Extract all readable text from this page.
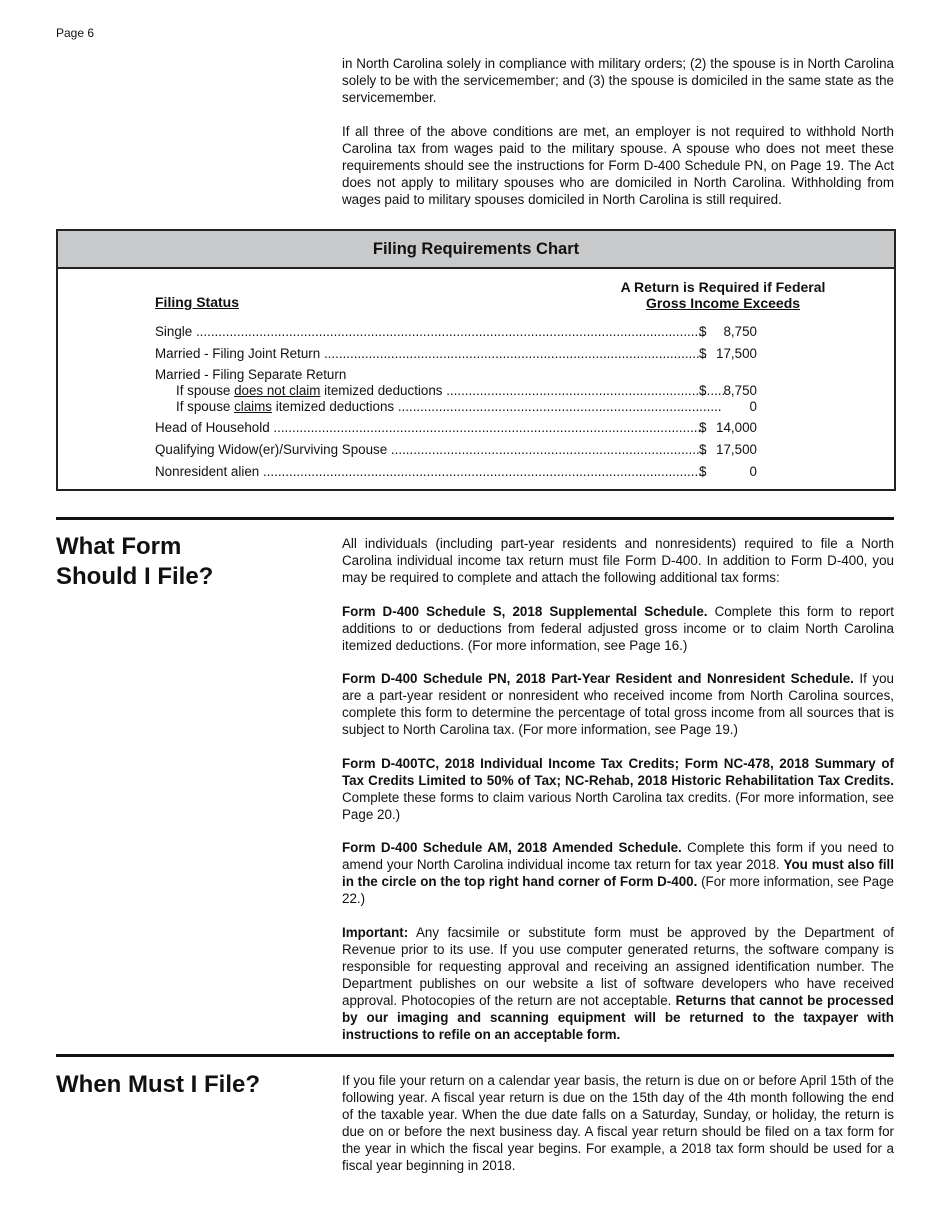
Page 6

in North Carolina solely in compliance with military orders; (2) the spouse is in North Carolina solely to be with the servicemember; and (3) the spouse is domiciled in the same state as the servicemember.

If all three of the above conditions are met, an employer is not required to withhold North Carolina tax from wages paid to the military spouse. A spouse who does not meet these requirements should see the instructions for Form D-400 Schedule PN, on Page 19. The Act does not apply to military spouses who are domiciled in North Carolina. Withholding from wages paid to military spouses domiciled in North Carolina is still required.

Filing Requirements Chart
Filing Status
A Return is Required if Federal
Gross Income Exceeds
Single .....	$	8,750
Married - Filing Joint Return .....	$ 17,500
Married - Filing Separate Return
If spouse does not claim itemized deductions .....	$	8,750
If spouse claims itemized deductions .....	0
Head of Household .....	$ 14,000
Qualifying Widow(er)/Surviving Spouse .....	$ 17,500
Nonresident alien .....	$	0
What Form
Should I File?

All individuals (including part-year residents and nonresidents) required to file a North Carolina individual income tax return must file Form D-400. In addition to Form D-400, you may be required to complete and attach the following additional tax forms:

Form D-400 Schedule S, 2018 Supplemental Schedule. Complete this form to report additions to or deductions from federal adjusted gross income or to claim North Carolina itemized deductions. (For more information, see Page 16.)

Form D-400 Schedule PN, 2018 Part-Year Resident and Nonresident Schedule. If you are a part-year resident or nonresident who received income from North Carolina sources, complete this form to determine the percentage of total gross income from all sources that is subject to North Carolina tax. (For more information, see Page 19.)

Form D-400TC, 2018 Individual Income Tax Credits; Form NC-478, 2018 Summary of Tax Credits Limited to 50% of Tax; NC-Rehab, 2018 Historic Rehabilitation Tax Credits. Complete these forms to claim various North Carolina tax credits. (For more information, see Page 20.)

Form D-400 Schedule AM, 2018 Amended Schedule. Complete this form if you need to amend your North Carolina individual income tax return for tax year 2018. You must also fill in the circle on the top right hand corner of Form D-400. (For more information, see Page 22.)

Important: Any facsimile or substitute form must be approved by the Department of Revenue prior to its use. If you use computer generated returns, the software company is responsible for requesting approval and receiving an assigned identification number. The Department publishes on our website a list of software developers who have received approval. Photocopies of the return are not acceptable. Returns that cannot be processed by our imaging and scanning equipment will be returned to the taxpayer with instructions to refile on an acceptable form.

When Must I File?	If you file your return on a calendar year basis, the return is due on or before April 15th of the following year. A fiscal year return is due on the 15th day of the 4th month following the end of the taxable year. When the due date falls on a Saturday, Sunday, or holiday, the return is due on or before the next business day. A fiscal year return should be filed on a tax form for the year in which the fiscal year begins. For example, a 2018 tax form should be used for a fiscal year beginning in 2018.
